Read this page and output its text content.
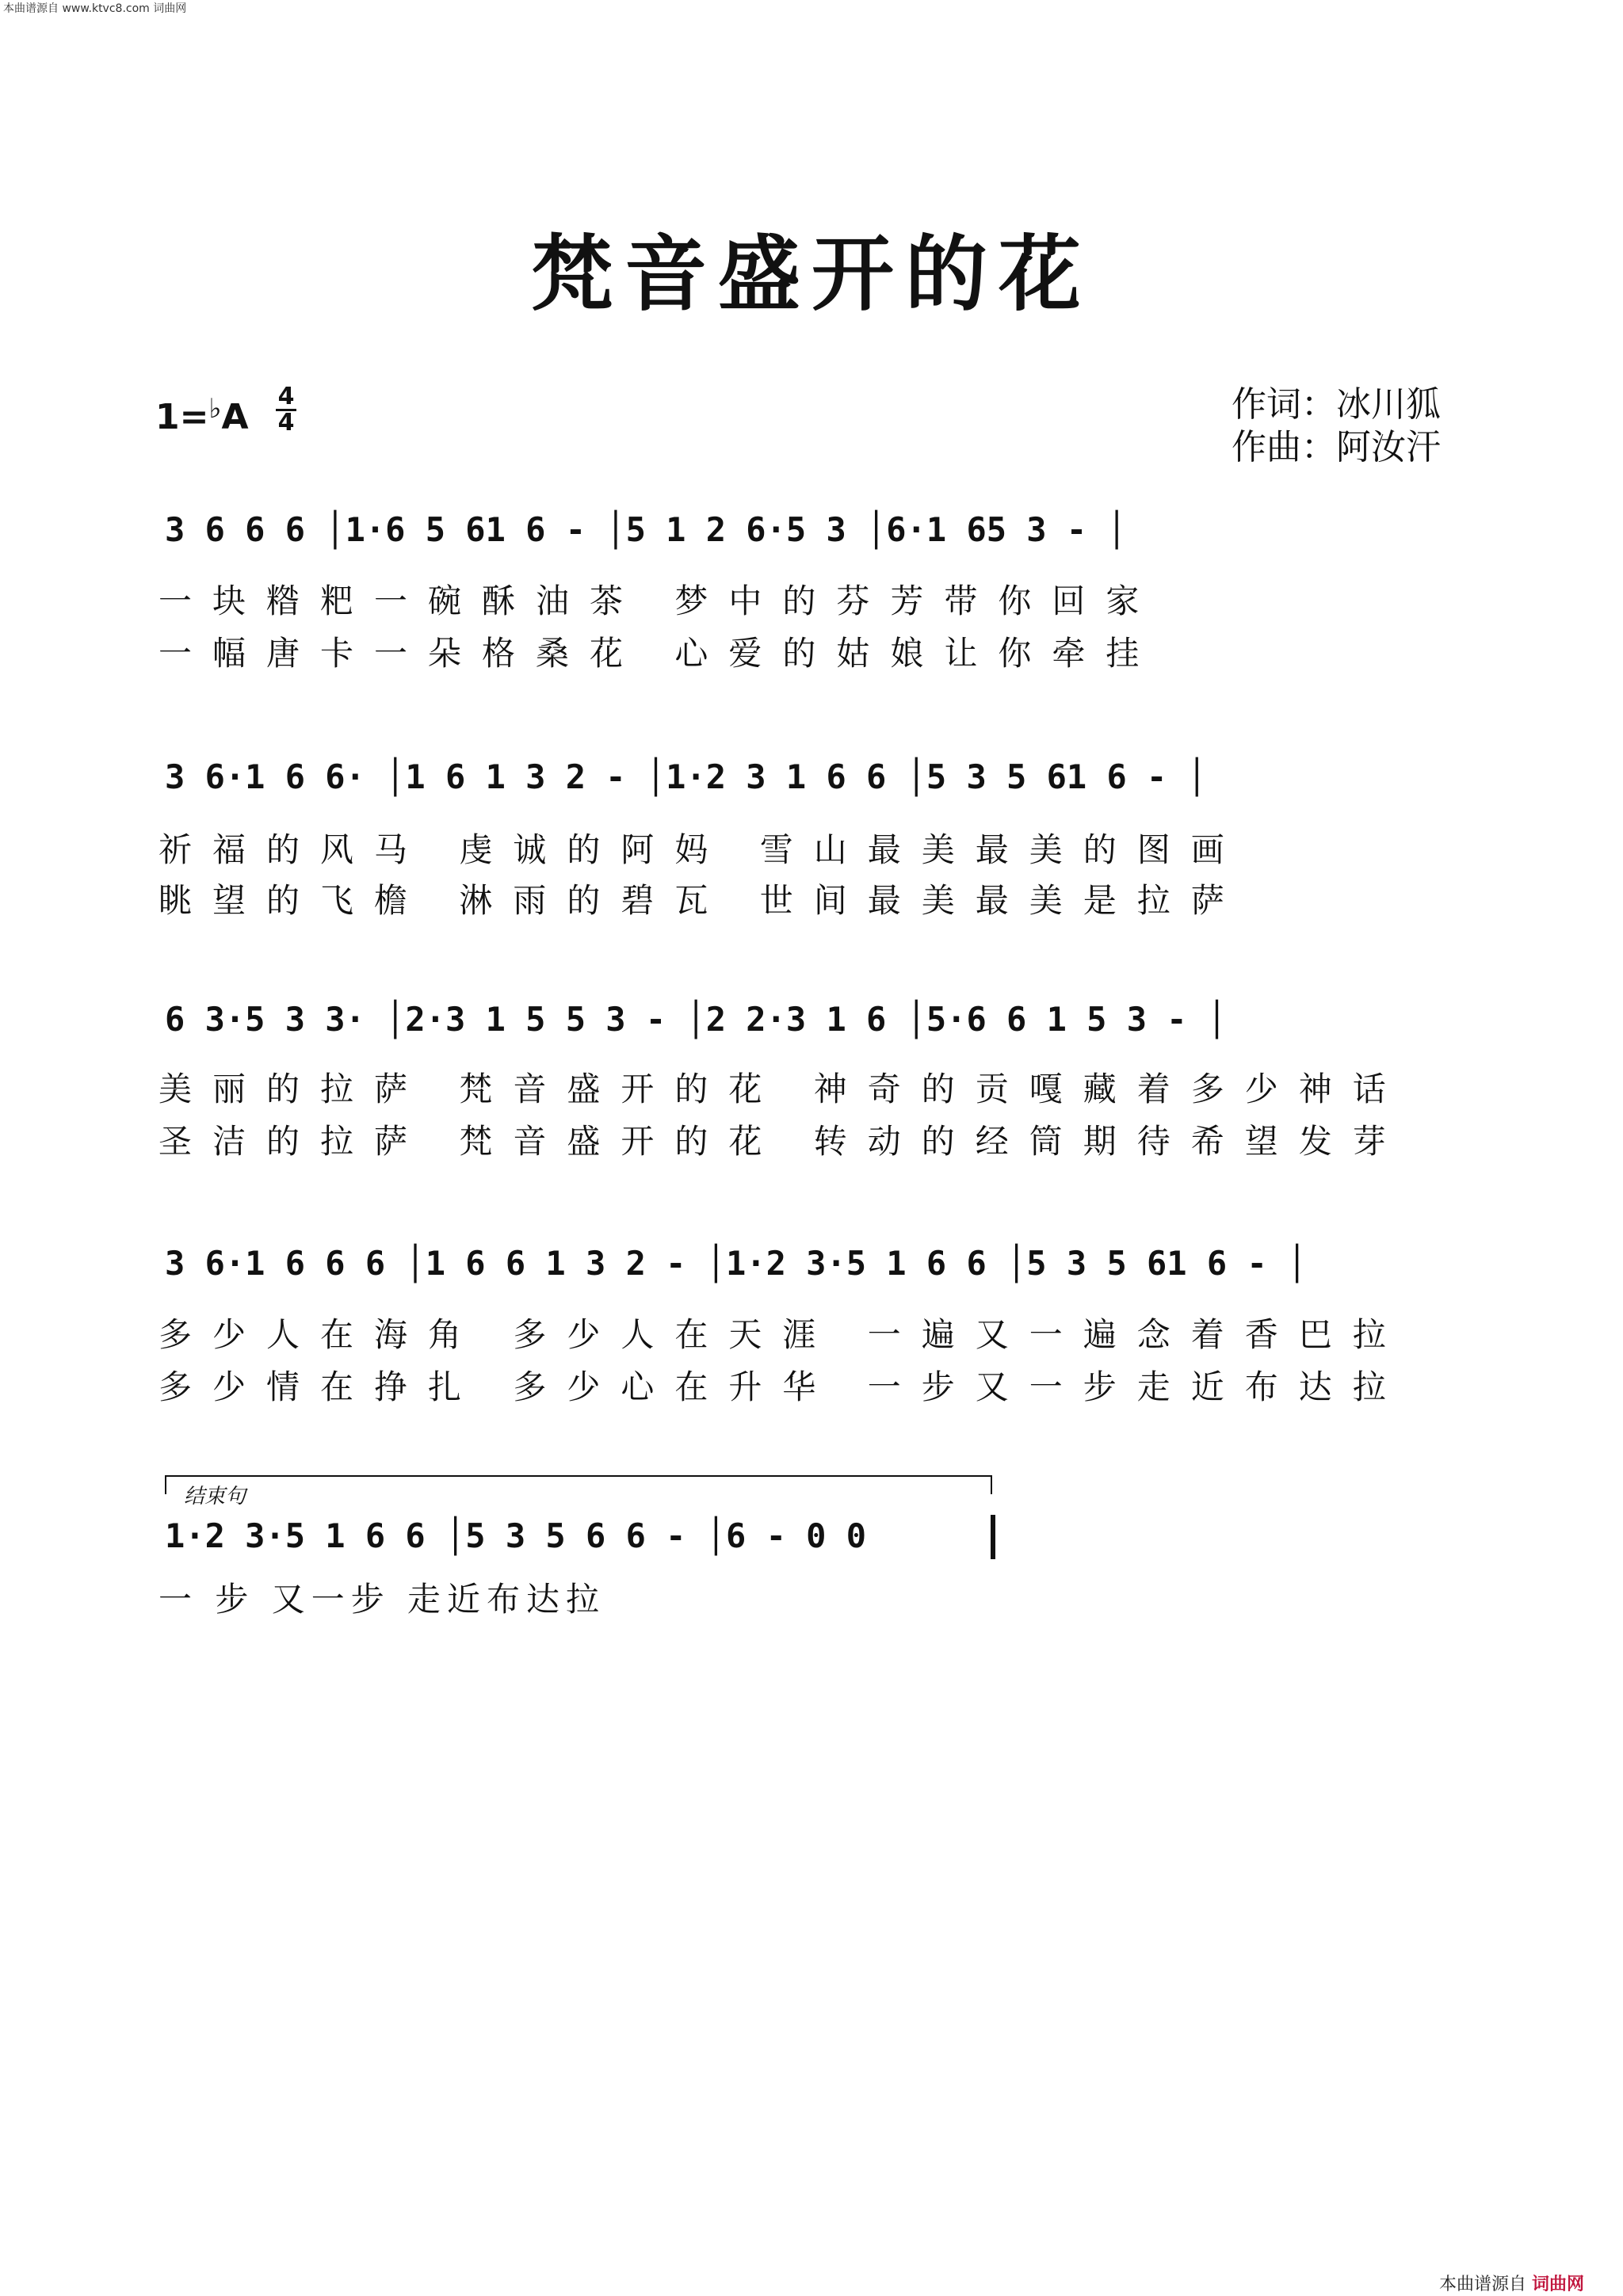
本曲谱源自 www.ktvc8.com 词曲网
梵音盛开的花
1=♭A
4
4	作词：冰川狐
作曲：阿汝汗
3 6 6 6 │1·6 5 61 6 - │5 1 2 6·5 3 │6·1 65 3 - │
一块糌粑一碗酥油茶 梦中的芬芳带你回家
一幅唐卡一朵格桑花 心爱的姑娘让你牵挂
3 6·1 6 6· │1 6 1 3 2 - │1·2 3 1 6 6 │5 3 5 61 6 - │
祈福的风马 虔诚的阿妈 雪山最美最美的图画
眺望的飞檐 淋雨的碧瓦 世间最美最美是拉萨
6 3·5 3 3· │2·3 1 5 5 3 - │2 2·3 1 6 │5·6 6 1 5 3 - │
美丽的拉萨 梵音盛开的花 神奇的贡嘎藏着多少神话
圣洁的拉萨 梵音盛开的花 转动的经筒期待希望发芽
3 6·1 6 6 6 │1 6 6 1 3 2 - │1·2 3·5 1 6 6 │5 3 5 61 6 - │
多少人在海角 多少人在天涯 一遍又一遍念着香巴拉
多少情在挣扎 多少心在升华 一步又一步走近布达拉
结束句
1·2 3·5 1 6 6 │5 3 5 6 6 - │6 - 0 0
一 步 又一步 走近布达拉
本曲谱源自 词曲网
